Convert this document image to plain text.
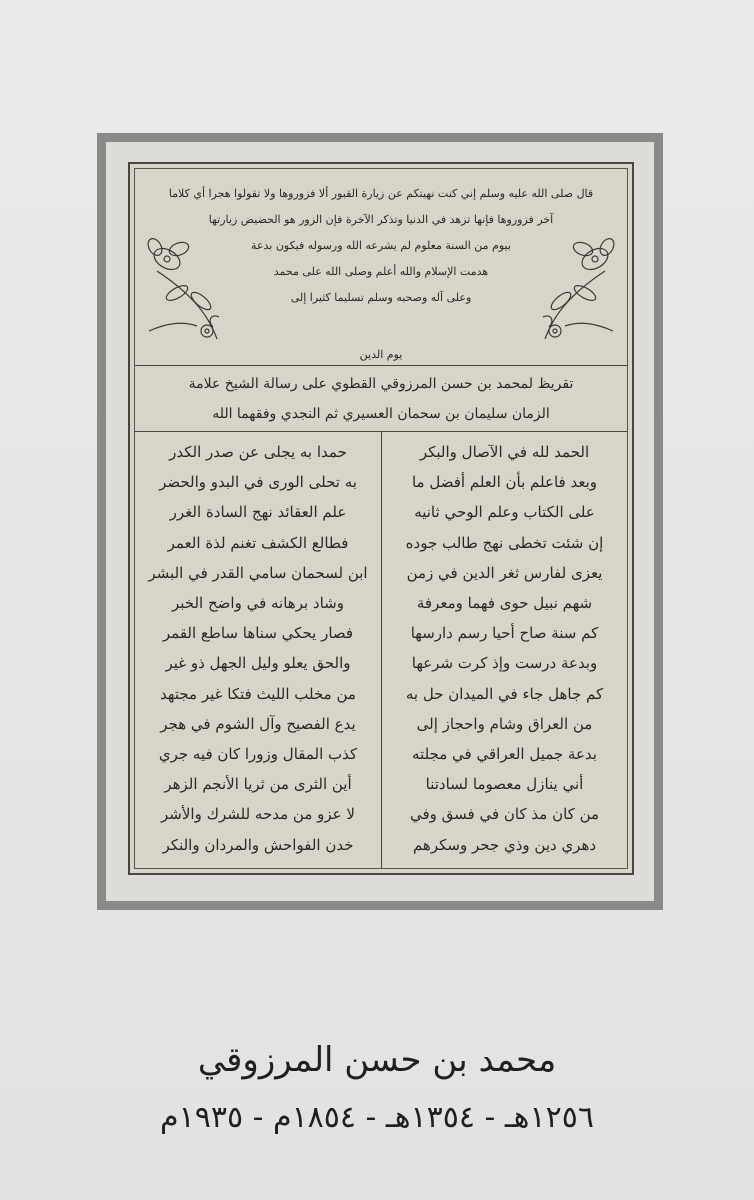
قال صلى الله عليه وسلم إني كنت نهيتكم عن زيارة القبور ألا فزوروها ولا تقولوا هجرا أي كلاما
آخر فزوروها فإنها تزهد في الدنيا وتذكر الآخرة فإن الزور هو الحضيض زيارتها
بيوم من السنة معلوم لم يشرعه الله ورسوله فيكون بدعة
هدمت الإسلام والله أعلم وصلى الله على محمد
وعلى آله وصحبه وسلم تسليما كثيرا إلى
يوم الدين
تقريظ لمحمد بن حسن المرزوقي القطوي على رسالة الشيخ علامة
الزمان سليمان بن سحمان العسيري ثم النجدي وفقهما الله
الحمد لله في الآصال والبكر
وبعد فاعلم بأن العلم أفضل ما
على الكتاب وعلم الوحي ثانيه
إن شئت تخطى نهج طالب جوده
يعزى لفارس ثغر الدين في زمن
شهم نبيل حوى فهما ومعرفة
كم سنة صاح أحيا رسم دارسها
وبدعة درست وإذ كرت شرعها
كم جاهل جاء في الميدان حل به
من العراق وشام واحجاز إلى
بدعة جميل العراقي في مجلته
أني ينازل معصوما لسادتنا
من كان مذ كان في فسق وفي
دهري دين وذي جحر وسكرهم
حمدا به يجلى عن صدر الكدر
به تحلى الورى في البدو والحضر
علم العقائد نهج السادة الغرر
فطالع الكشف تغنم لذة العمر
ابن لسحمان سامي القدر في البشر
وشاد برهانه في واضح الخبر
فصار يحكي سناها ساطع القمر
والحق يعلو وليل الجهل ذو غير
من مخلب الليث فتكا غير مجتهد
يدع الفصيح وآل الشوم في هجر
كذب المقال وزورا كان فيه جري
أين الثرى من ثريا الأنجم الزهر
لا عزو من مدحه للشرك والأشر
خدن الفواحش والمردان والنكر
محمد بن حسن المرزوقي
١٢٥٦هـ - ١٣٥٤هـ - ١٨٥٤م - ١٩٣٥م
